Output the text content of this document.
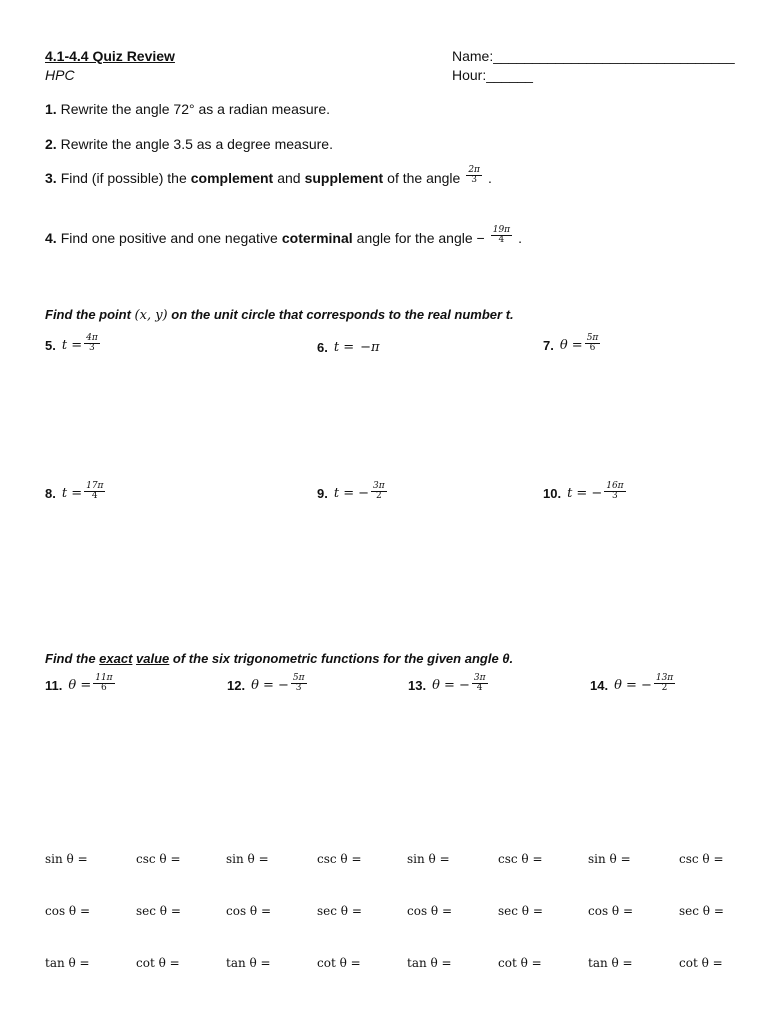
4.1-4.4 Quiz Review
HPC
Name:_______________________________
Hour:______
1. Rewrite the angle 72° as a radian measure.
2. Rewrite the angle 3.5 as a degree measure.
3. Find (if possible) the complement and supplement of the angle $\frac{2\pi}{3}$ .
4. Find one positive and one negative coterminal angle for the angle − $\frac{19\pi}{4}$ .
Find the point (x, y) on the unit circle that corresponds to the real number t.
5. $t = \frac{4\pi}{3}$	6. t = −π	7. $\theta = \frac{5\pi}{6}$
8. $t = \frac{17\pi}{4}$	9. t = − $\frac{3\pi}{2}$	10. t = − $\frac{16\pi}{3}$
Find the exact value of the six trigonometric functions for the given angle θ.
11. $\theta = \frac{11\pi}{6}$	12. θ = − $\frac{5\pi}{3}$	13. θ = − $\frac{3\pi}{4}$	14. θ = − $\frac{13\pi}{2}$
sin θ =	csc θ =	sin θ =	csc θ =	sin θ =	csc θ =	sin θ =	csc θ =
cos θ =	sec θ =	cos θ =	sec θ =	cos θ =	sec θ =	cos θ =	sec θ =
tan θ =	cot θ =	tan θ =	cot θ =	tan θ =	cot θ =	tan θ =	cot θ =
